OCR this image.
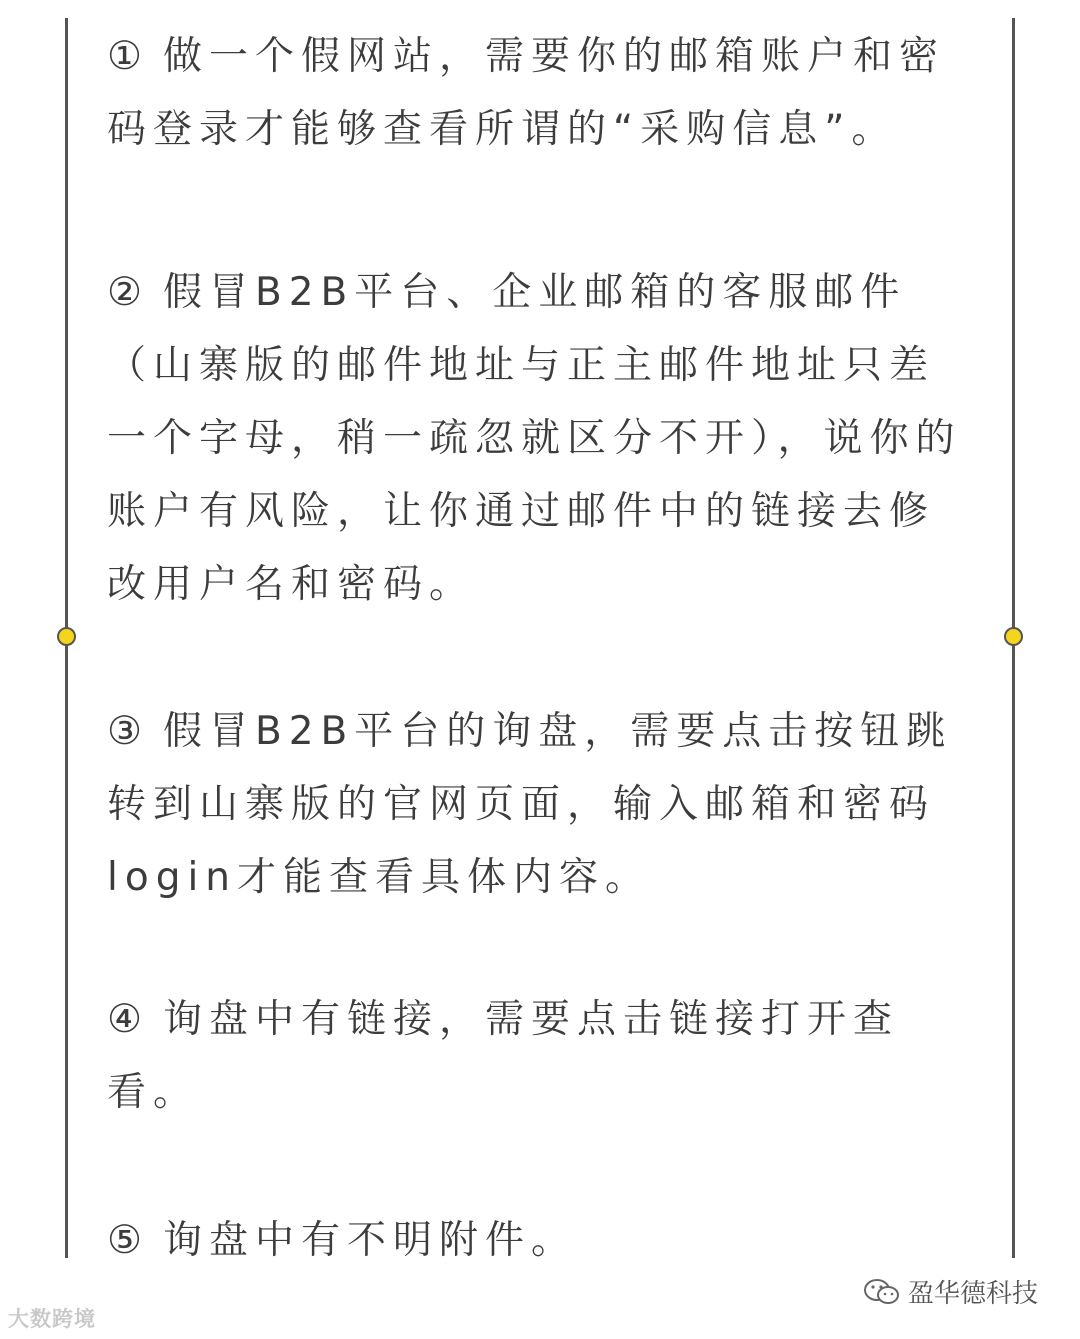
① 做一个假网站，需要你的邮箱账户和密码登录才能够查看所谓的“采购信息”。

② 假冒B2B平台、企业邮箱的客服邮件（山寨版的邮件地址与正主邮件地址只差一个字母，稍一疏忽就区分不开），说你的账户有风险，让你通过邮件中的链接去修改用户名和密码。

③ 假冒B2B平台的询盘，需要点击按钮跳转到山寨版的官网页面，输入邮箱和密码login才能查看具体内容。

④ 询盘中有链接，需要点击链接打开查看。

⑤ 询盘中有不明附件。

大数跨境
盈华德科技
